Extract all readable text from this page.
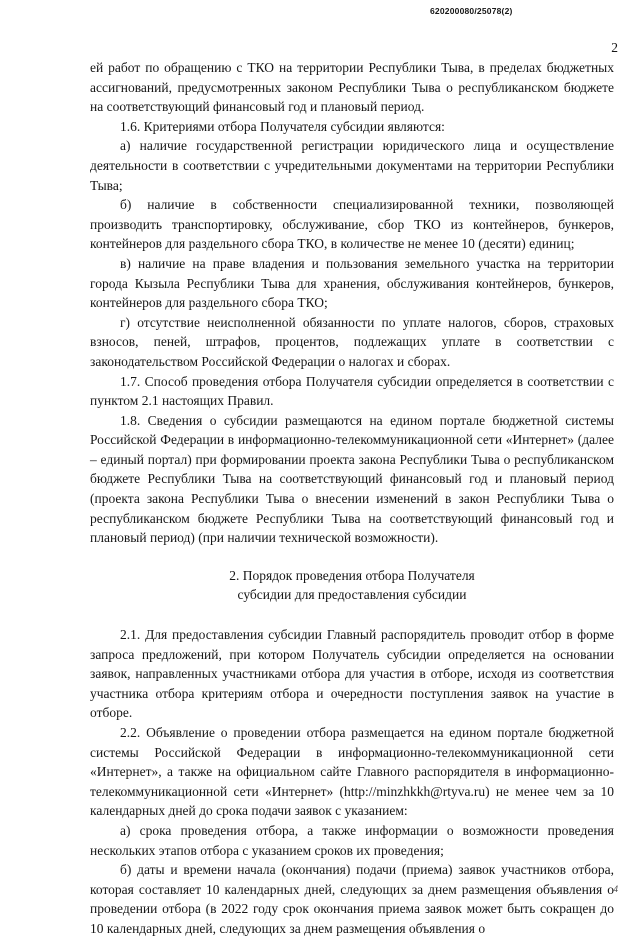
620200080/25078(2)
2

ей работ по обращению с ТКО на территории Республики Тыва, в пределах бюджетных ассигнований, предусмотренных законом Республики Тыва о республиканском бюджете на соответствующий финансовый год и плановый период.

1.6. Критериями отбора Получателя субсидии являются:

а) наличие государственной регистрации юридического лица и осуществление деятельности в соответствии с учредительными документами на территории Республики Тыва;

б) наличие в собственности специализированной техники, позволяющей производить транспортировку, обслуживание, сбор ТКО из контейнеров, бункеров, контейнеров для раздельного сбора ТКО, в количестве не менее 10 (десяти) единиц;

в) наличие на праве владения и пользования земельного участка на территории города Кызыла Республики Тыва для хранения, обслуживания контейнеров, бункеров, контейнеров для раздельного сбора ТКО;

г) отсутствие неисполненной обязанности по уплате налогов, сборов, страховых взносов, пеней, штрафов, процентов, подлежащих уплате в соответствии с законодательством Российской Федерации о налогах и сборах.

1.7. Способ проведения отбора Получателя субсидии определяется в соответствии с пунктом 2.1 настоящих Правил.

1.8. Сведения о субсидии размещаются на едином портале бюджетной системы Российской Федерации в информационно-телекоммуникационной сети «Интернет» (далее – единый портал) при формировании проекта закона Республики Тыва о республиканском бюджете Республики Тыва на соответствующий финансовый год и плановый период (проекта закона Республики Тыва о внесении изменений в закон Республики Тыва о республиканском бюджете Республики Тыва на соответствующий финансовый год и плановый период) (при наличии технической возможности).

2. Порядок проведения отбора Получателя
субсидии для предоставления субсидии

2.1. Для предоставления субсидии Главный распорядитель проводит отбор в форме запроса предложений, при котором Получатель субсидии определяется на основании заявок, направленных участниками отбора для участия в отборе, исходя из соответствия участника отбора критериям отбора и очередности поступления заявок на участие в отборе.

2.2. Объявление о проведении отбора размещается на едином портале бюджетной системы Российской Федерации в информационно-телекоммуникационной сети «Интернет», а также на официальном сайте Главного распорядителя в информационно-телекоммуникационной сети «Интернет» (http://minzhkkh@rtyva.ru) не менее чем за 10 календарных дней до срока подачи заявок с указанием:

а) срока проведения отбора, а также информации о возможности проведения нескольких этапов отбора с указанием сроков их проведения;

б) даты и времени начала (окончания) подачи (приема) заявок участников отбора, которая составляет 10 календарных дней, следующих за днем размещения объявления о проведении отбора (в 2022 году срок окончания приема заявок может быть сокращен до 10 календарных дней, следующих за днем размещения объявления о

4
